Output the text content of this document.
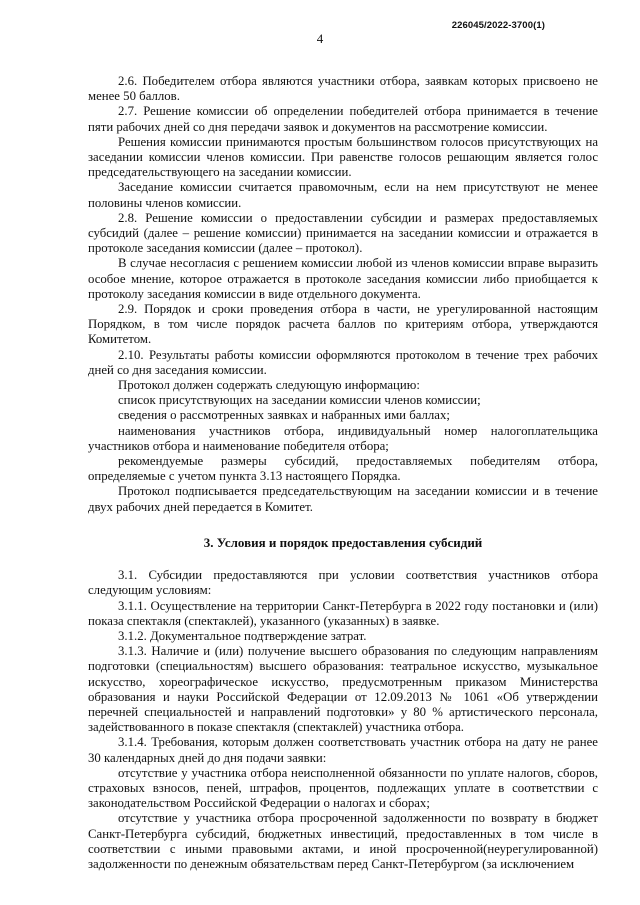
226045/2022-3700(1)
4

2.6. Победителем отбора являются участники отбора, заявкам которых присвоено не менее 50 баллов.

2.7. Решение комиссии об определении победителей отбора принимается в течение пяти рабочих дней со дня передачи заявок и документов на рассмотрение комиссии.

Решения комиссии принимаются простым большинством голосов присутствующих на заседании комиссии членов комиссии. При равенстве голосов решающим является голос председательствующего на заседании комиссии.

Заседание комиссии считается правомочным, если на нем присутствуют не менее половины членов комиссии.

2.8. Решение комиссии о предоставлении субсидии и размерах предоставляемых субсидий (далее – решение комиссии) принимается на заседании комиссии и отражается в протоколе заседания комиссии (далее – протокол).

В случае несогласия с решением комиссии любой из членов комиссии вправе выразить особое мнение, которое отражается в протоколе заседания комиссии либо приобщается к протоколу заседания комиссии в виде отдельного документа.

2.9. Порядок и сроки проведения отбора в части, не урегулированной настоящим Порядком, в том числе порядок расчета баллов по критериям отбора, утверждаются Комитетом.

2.10. Результаты работы комиссии оформляются протоколом в течение трех рабочих дней со дня заседания комиссии.

Протокол должен содержать следующую информацию:

список присутствующих на заседании комиссии членов комиссии;

сведения о рассмотренных заявках и набранных ими баллах;

наименования участников отбора, индивидуальный номер налогоплательщика участников отбора и наименование победителя отбора;

рекомендуемые размеры субсидий, предоставляемых победителям отбора, определяемые с учетом пункта 3.13 настоящего Порядка.

Протокол подписывается председательствующим на заседании комиссии и в течение двух рабочих дней передается в Комитет.

3. Условия и порядок предоставления субсидий

3.1. Субсидии предоставляются при условии соответствия участников отбора следующим условиям:

3.1.1. Осуществление на территории Санкт-Петербурга в 2022 году постановки и (или) показа спектакля (спектаклей), указанного (указанных) в заявке.

3.1.2. Документальное подтверждение затрат.

3.1.3. Наличие и (или) получение высшего образования по следующим направлениям подготовки (специальностям) высшего образования: театральное искусство, музыкальное искусство, хореографическое искусство, предусмотренным приказом Министерства образования и науки Российской Федерации от 12.09.2013 № 1061 «Об утверждении перечней специальностей и направлений подготовки» у 80 % артистического персонала, задействованного в показе спектакля (спектаклей) участника отбора.

3.1.4. Требования, которым должен соответствовать участник отбора на дату не ранее 30 календарных дней до дня подачи заявки:

отсутствие у участника отбора неисполненной обязанности по уплате налогов, сборов, страховых взносов, пеней, штрафов, процентов, подлежащих уплате в соответствии с законодательством Российской Федерации о налогах и сборах;

отсутствие у участника отбора просроченной задолженности по возврату в бюджет Санкт-Петербурга субсидий, бюджетных инвестиций, предоставленных в том числе в соответствии с иными правовыми актами, и иной просроченной(неурегулированной) задолженности по денежным обязательствам перед Санкт-Петербургом (за исключением
